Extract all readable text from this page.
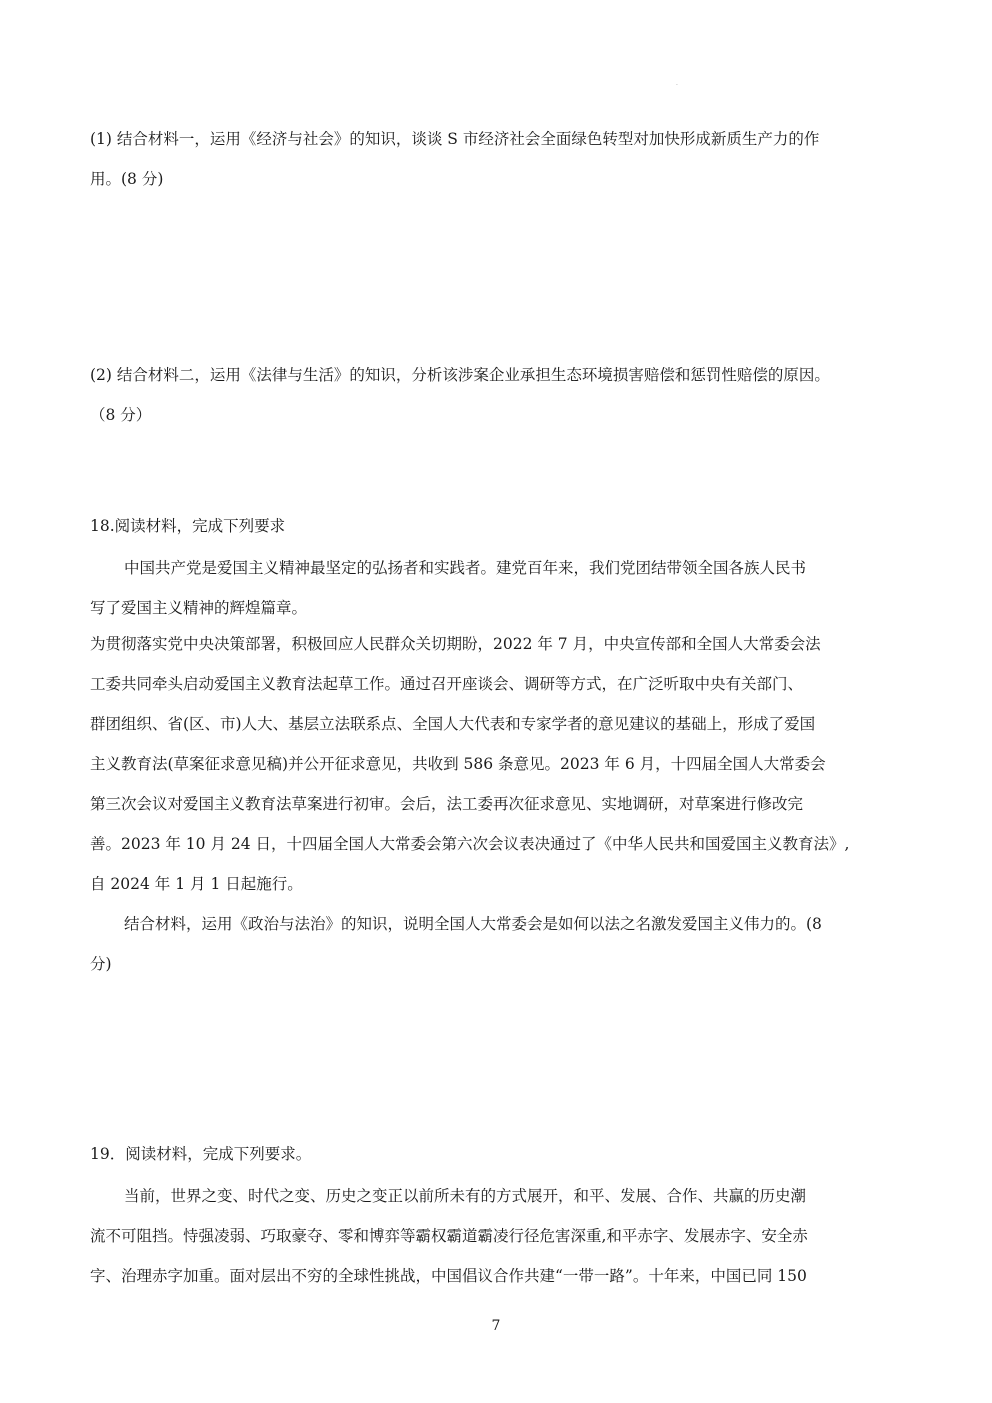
·
(1) 结合材料一，运用《经济与社会》的知识，谈谈 S 市经济社会全面绿色转型对加快形成新质生产力的作
用。(8 分)
(2) 结合材料二，运用《法律与生活》的知识，分析该涉案企业承担生态环境损害赔偿和惩罚性赔偿的原因。
（8 分）
18.阅读材料，完成下列要求
中国共产党是爱国主义精神最坚定的弘扬者和实践者。建党百年来，我们党团结带领全国各族人民书
写了爱国主义精神的辉煌篇章。
为贯彻落实党中央决策部署，积极回应人民群众关切期盼，2022 年 7 月，中央宣传部和全国人大常委会法
工委共同牵头启动爱国主义教育法起草工作。通过召开座谈会、调研等方式，在广泛听取中央有关部门、
群团组织、省(区、市)人大、基层立法联系点、全国人大代表和专家学者的意见建议的基础上，形成了爱国
主义教育法(草案征求意见稿)并公开征求意见，共收到 586 条意见。2023 年 6 月，十四届全国人大常委会
第三次会议对爱国主义教育法草案进行初审。会后，法工委再次征求意见、实地调研，对草案进行修改完
善。2023 年 10 月 24 日，十四届全国人大常委会第六次会议表决通过了《中华人民共和国爱国主义教育法》,
自 2024 年 1 月 1 日起施行。
结合材料，运用《政治与法治》的知识，说明全国人大常委会是如何以法之名激发爱国主义伟力的。(8
分)
19．阅读材料，完成下列要求。
当前，世界之变、时代之变、历史之变正以前所未有的方式展开，和平、发展、合作、共赢的历史潮
流不可阻挡。恃强凌弱、巧取豪夺、零和博弈等霸权霸道霸凌行径危害深重,和平赤字、发展赤字、安全赤
字、治理赤字加重。面对层出不穷的全球性挑战，中国倡议合作共建“一带一路”。十年来，中国已同 150
7
